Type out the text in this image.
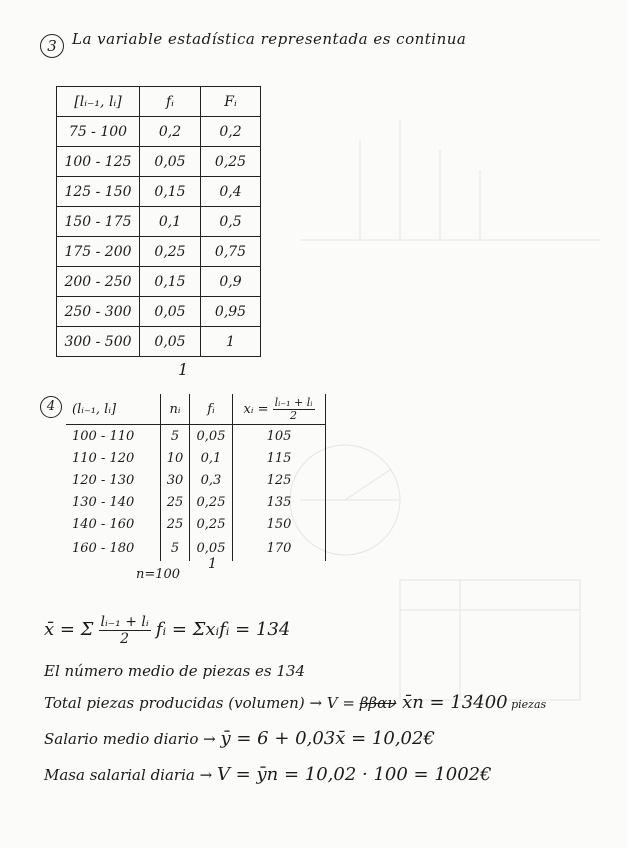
3	La variable estadística representada es continua
[lᵢ₋₁, lᵢ]	fᵢ	Fᵢ
75 - 100	0,2	0,2
100 - 125	0,05	0,25
125 - 150	0,15	0,4
150 - 175	0,1	0,5
175 - 200	0,25	0,75
200 - 250	0,15	0,9
250 - 300	0,05	0,95
300 - 500	0,05	1
1
4	(lᵢ₋₁, lᵢ]	nᵢ	fᵢ	xᵢ = $\frac{\text{lᵢ₋₁ + lᵢ}}{2}$

100 - 110	5	0,05	105
110 - 120	10	0,1	115
120 - 130	30	0,3	125
130 - 140	25	0,25	135
140 - 160	25	0,25	150
160 - 180	5	0,05	170
n=100
1
x̄ = Σ $\frac{\text{lᵢ₋₁ + lᵢ}}{2}$ fᵢ = Σxᵢfᵢ = 134
El número medio de piezas es 134
Total piezas producidas (volumen) → V = ββαν x̄n = 13400 piezas
Salario medio diario → ȳ = 6 + 0,03x̄ = 10,02€
Masa salarial diaria → V = ȳn = 10,02 · 100 = 1002€
